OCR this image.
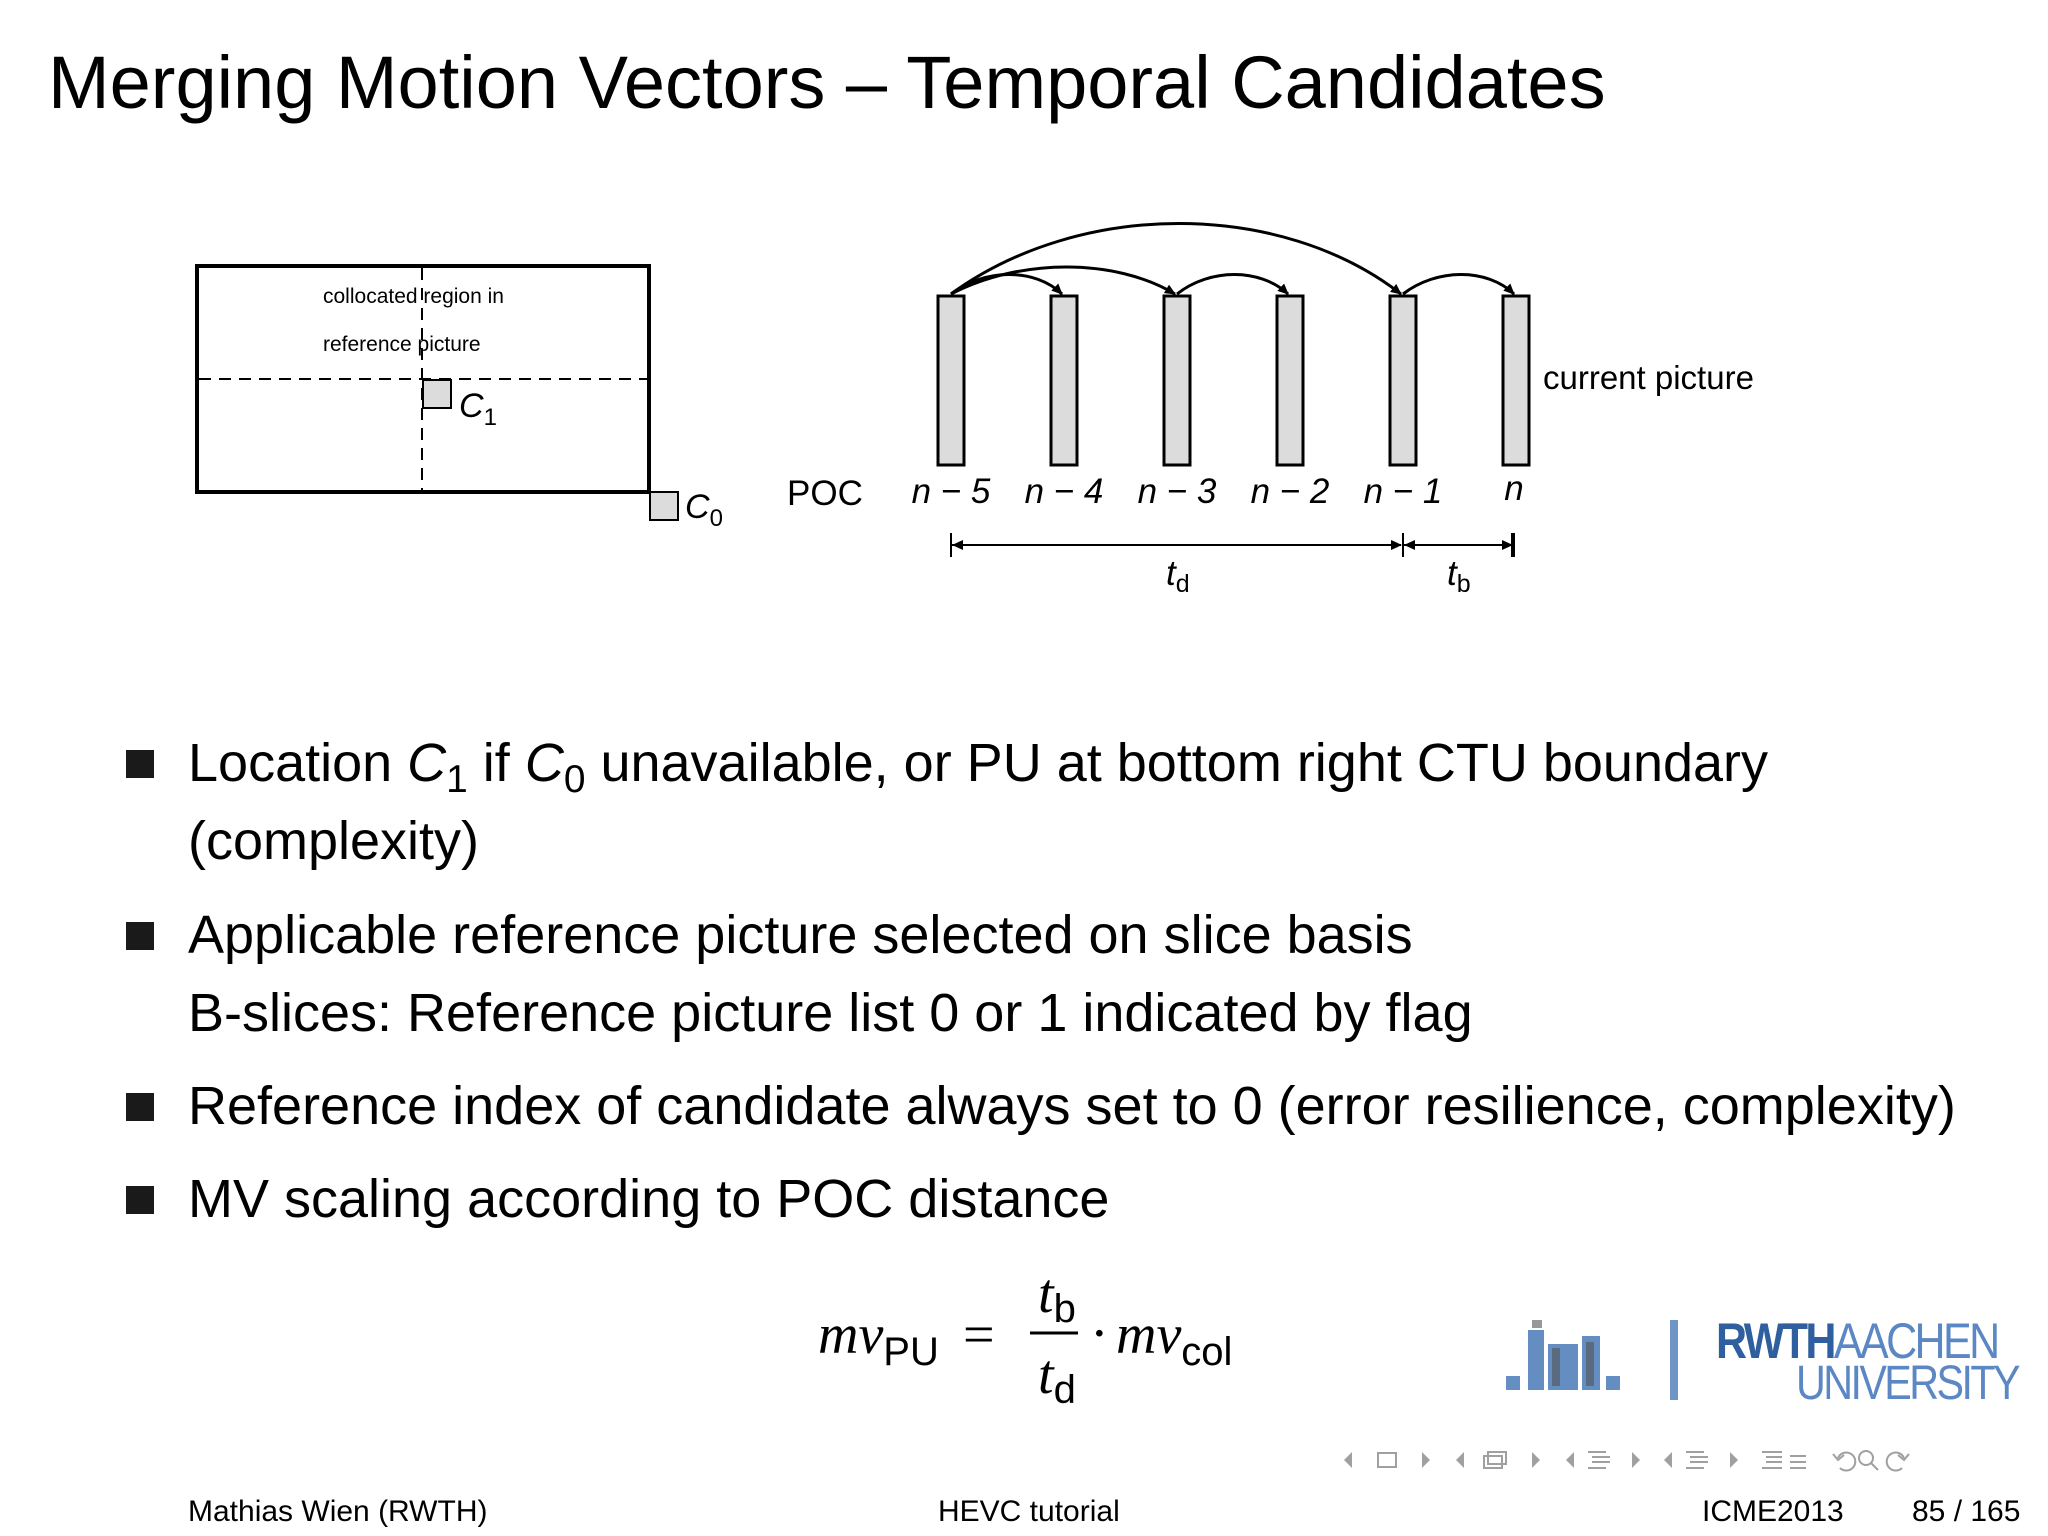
Merging Motion Vectors – Temporal Candidates
collocated region in
reference picture
$C_1$
$C_0$
POC n − 5 n − 4 n − 3 n − 2 n − 1 n
current picture
$t_d$	$t_b$
Location $C_1$ if $C_0$ unavailable, or PU at bottom right CTU boundary
(complexity)
Applicable reference picture selected on slice basis
B-slices: Reference picture list 0 or 1 indicated by flag
Reference index of candidate always set to 0 (error resilience, complexity)
MV scaling according to POC distance
$mv_{PU}$ =
tb
td
· $mv_{col}$	RWTHAACHEN
UNIVERSITY
Mathias Wien (RWTH)	HEVC tutorial	ICME2013 85 / 165
